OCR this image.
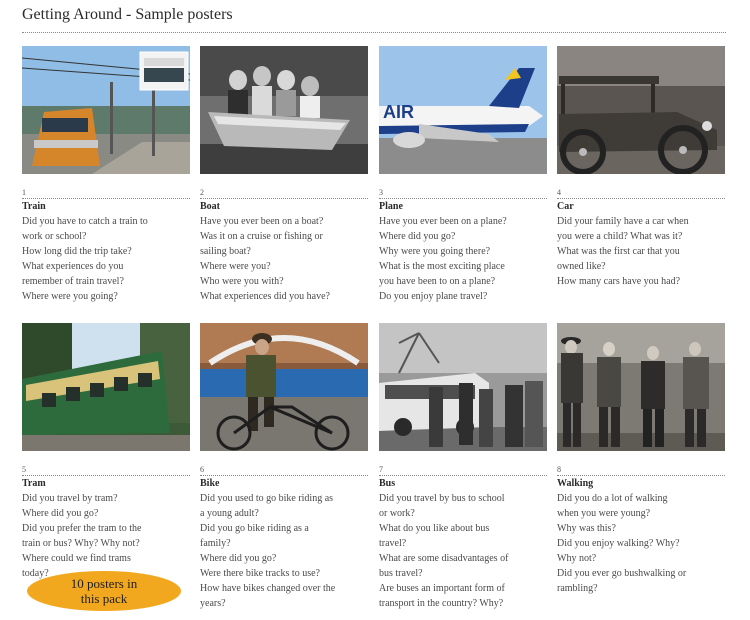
Getting Around - Sample posters
1
Train
Did you have to catch a train to
work or school?
How long did the trip take?
What experiences do you
remember of train travel?
Where were you going?
2
Boat
Have you ever been on a boat?
Was it on a cruise or fishing or
sailing boat?
Where were you?
Who were you with?
What experiences did you have?
AIR
3
Plane
Have you ever been on a plane?
Where did you go?
Why were you going there?
What is the most exciting place
you have been to on a plane?
Do you enjoy plane travel?
4
Car
Did your family have a car when
you were a child? What was it?
What was the first car that you
owned like?
How many cars have you had?
5
Tram
Did you travel by tram?
Where did you go?
Did you prefer the tram to the
train or bus? Why? Why not?
Where could we find trams
today?
6
Bike
Did you used to go bike riding as
a young adult?
Did you go bike riding as a
family?
Where did you go?
Were there bike tracks to use?
How have bikes changed over the
years?
7
Bus
Did you travel by bus to school
or work?
What do you like about bus
travel?
What are some disadvantages of
bus travel?
Are buses an important form of
transport in the country? Why?
8
Walking
Did you do a lot of walking
when you were young?
Why was this?
Did you enjoy walking? Why?
Why not?
Did you ever go bushwalking or
rambling?
10 posters in
this pack
